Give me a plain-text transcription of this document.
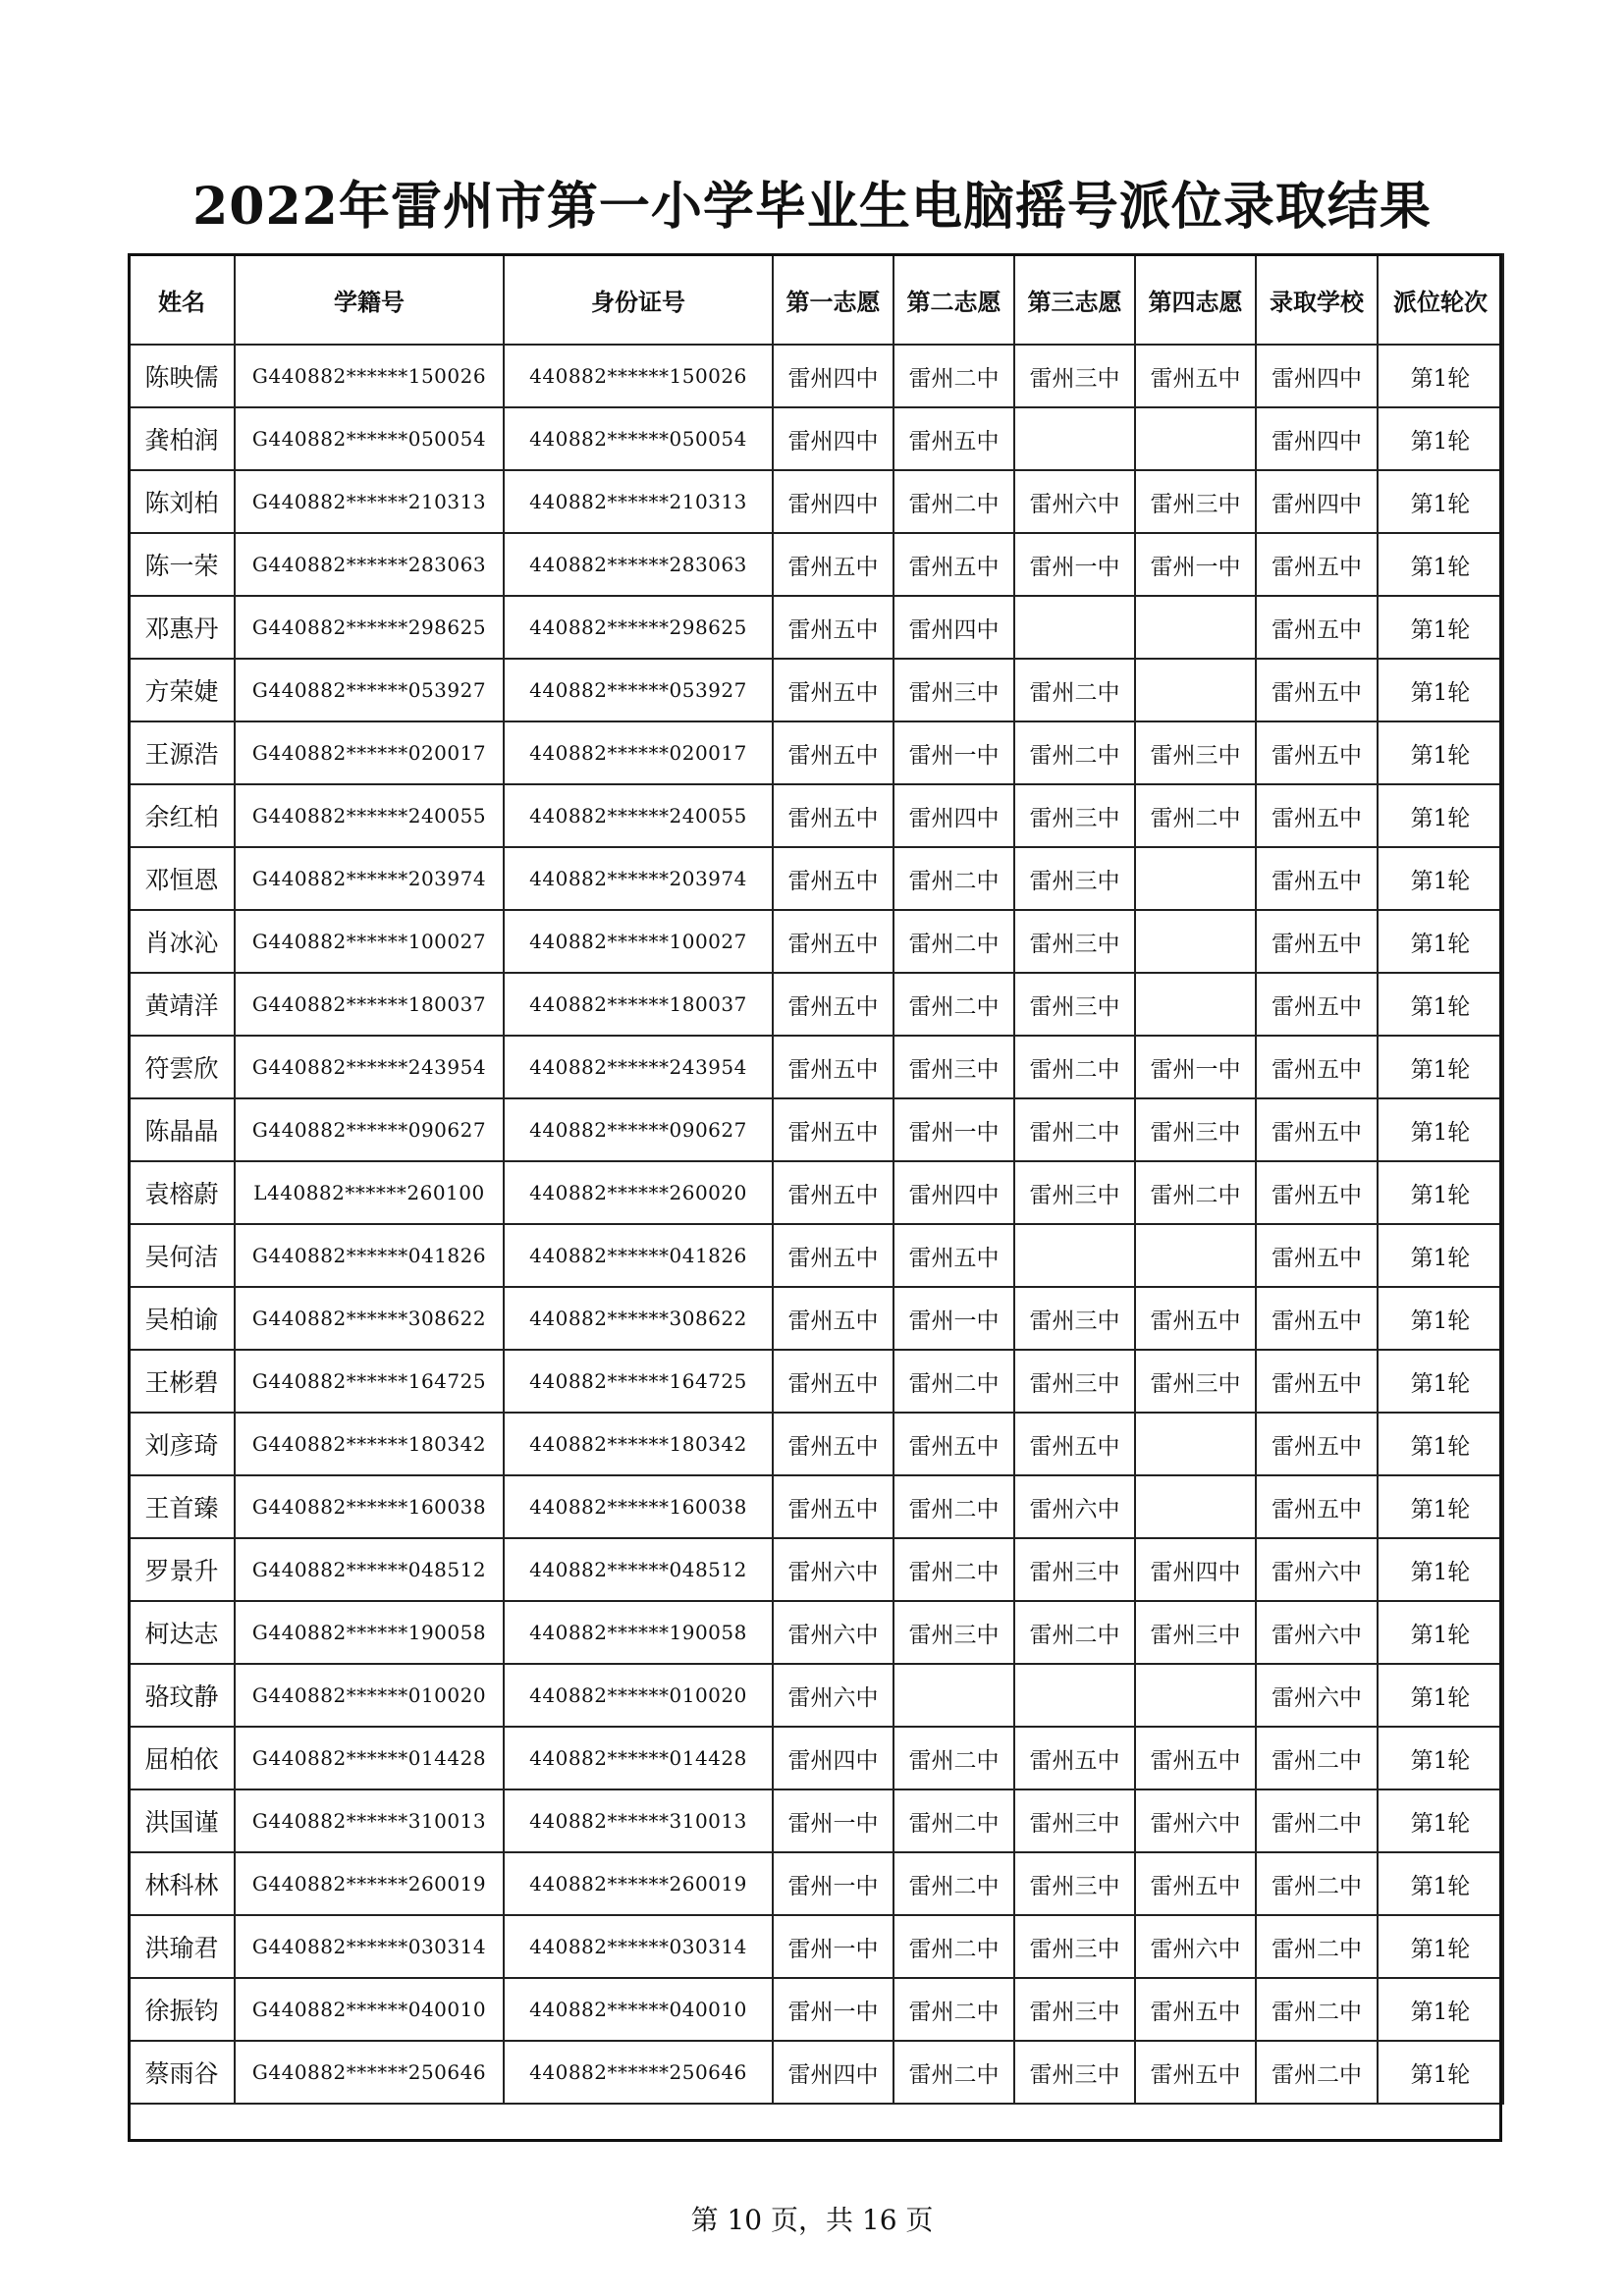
2022年雷州市第一小学毕业生电脑摇号派位录取结果
姓名	学籍号	身份证号	第一志愿	第二志愿	第三志愿	第四志愿	录取学校	派位轮次
陈映儒	G440882******150026	440882******150026	雷州四中	雷州二中	雷州三中	雷州五中	雷州四中	第1轮
龚柏润	G440882******050054	440882******050054	雷州四中	雷州五中			雷州四中	第1轮
陈刘柏	G440882******210313	440882******210313	雷州四中	雷州二中	雷州六中	雷州三中	雷州四中	第1轮
陈一荣	G440882******283063	440882******283063	雷州五中	雷州五中	雷州一中	雷州一中	雷州五中	第1轮
邓惠丹	G440882******298625	440882******298625	雷州五中	雷州四中			雷州五中	第1轮
方荣婕	G440882******053927	440882******053927	雷州五中	雷州三中	雷州二中		雷州五中	第1轮
王源浩	G440882******020017	440882******020017	雷州五中	雷州一中	雷州二中	雷州三中	雷州五中	第1轮
余红柏	G440882******240055	440882******240055	雷州五中	雷州四中	雷州三中	雷州二中	雷州五中	第1轮
邓恒恩	G440882******203974	440882******203974	雷州五中	雷州二中	雷州三中		雷州五中	第1轮
肖冰沁	G440882******100027	440882******100027	雷州五中	雷州二中	雷州三中		雷州五中	第1轮
黄靖洋	G440882******180037	440882******180037	雷州五中	雷州二中	雷州三中		雷州五中	第1轮
符雲欣	G440882******243954	440882******243954	雷州五中	雷州三中	雷州二中	雷州一中	雷州五中	第1轮
陈晶晶	G440882******090627	440882******090627	雷州五中	雷州一中	雷州二中	雷州三中	雷州五中	第1轮
袁榕蔚	L440882******260100	440882******260020	雷州五中	雷州四中	雷州三中	雷州二中	雷州五中	第1轮
吴何洁	G440882******041826	440882******041826	雷州五中	雷州五中			雷州五中	第1轮
吴柏谕	G440882******308622	440882******308622	雷州五中	雷州一中	雷州三中	雷州五中	雷州五中	第1轮
王彬碧	G440882******164725	440882******164725	雷州五中	雷州二中	雷州三中	雷州三中	雷州五中	第1轮
刘彦琦	G440882******180342	440882******180342	雷州五中	雷州五中	雷州五中		雷州五中	第1轮
王首臻	G440882******160038	440882******160038	雷州五中	雷州二中	雷州六中		雷州五中	第1轮
罗景升	G440882******048512	440882******048512	雷州六中	雷州二中	雷州三中	雷州四中	雷州六中	第1轮
柯达志	G440882******190058	440882******190058	雷州六中	雷州三中	雷州二中	雷州三中	雷州六中	第1轮
骆玟静	G440882******010020	440882******010020	雷州六中				雷州六中	第1轮
屈柏依	G440882******014428	440882******014428	雷州四中	雷州二中	雷州五中	雷州五中	雷州二中	第1轮
洪国谨	G440882******310013	440882******310013	雷州一中	雷州二中	雷州三中	雷州六中	雷州二中	第1轮
林科林	G440882******260019	440882******260019	雷州一中	雷州二中	雷州三中	雷州五中	雷州二中	第1轮
洪瑜君	G440882******030314	440882******030314	雷州一中	雷州二中	雷州三中	雷州六中	雷州二中	第1轮
徐振钧	G440882******040010	440882******040010	雷州一中	雷州二中	雷州三中	雷州五中	雷州二中	第1轮
蔡雨谷	G440882******250646	440882******250646	雷州四中	雷州二中	雷州三中	雷州五中	雷州二中	第1轮
第 10 页，共 16 页
